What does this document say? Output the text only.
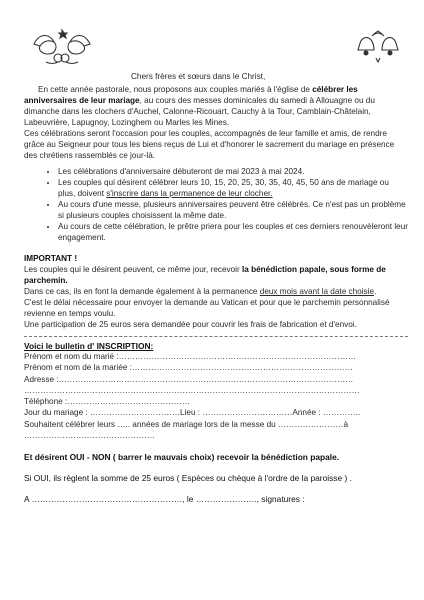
Chers frères et sœurs dans le Christ,

En cette année pastorale, nous proposons aux couples mariés à l'église de célébrer les anniversaires de leur mariage, au cours des messes dominicales du samedi à Allouagne ou du dimanche dans les clochers d'Auchel, Calonne-Ricouart, Cauchy à la Tour, Camblain-Châtelain, Labeuvrière, Lapugnoy, Lozinghem ou Marles les Mines.

Ces célébrations seront l'occasion pour les couples, accompagnés de leur famille et amis, de rendre grâce au Seigneur pour tous les biens reçus de Lui et d'honorer le sacrement du mariage en présence des chrétiens rassemblés ce jour-là.

• Les célébrations d'anniversaire débuteront de mai 2023 à mai 2024.
• Les couples qui désirent célébrer leurs 10, 15, 20, 25, 30, 35, 40, 45, 50 ans de mariage ou plus, doivent s'inscrire dans la permanence de leur clocher.
• Au cours d'une messe, plusieurs anniversaires peuvent être célébrés. Ce n'est pas un problème si plusieurs couples choisissent la même date.
• Au cours de cette célébration, le prêtre priera pour les couples et ces derniers renouvèleront leur engagement.

IMPORTANT !

Les couples qui le désirent peuvent, ce même jour, recevoir la bénédiction papale, sous forme de parchemin.

Dans ce cas, ils en font la demande également à la permanence deux mois avant la date choisie.

C'est le délai nécessaire pour envoyer la demande au Vatican et pour que le parchemin personnalisé revienne en temps voulu.

Une participation de 25 euros sera demandée pour couvrir les frais de fabrication et d'envoi.

Voici le bulletin d' INSCRIPTION:
Prénom et nom du marié :……………………………………………………………………………
Prénom et nom de la mariée :………………………………………………………………………
Adresse :………………………………………………………………………………………………
……………………………………………………………………………………………………………
Téléphone :………………………………………
Jour du mariage : ……………………………Lieu : ……………………………Année : …………..
Souhaitent célébrer leurs ….. années de mariage lors de la messe du ……………………à
…………………………………………
Et désirent OUI - NON ( barrer le mauvais choix) recevoir la bénédiction papale.
Si OUI, ils règlent la somme de 25 euros ( Espèces ou chèque à l'ordre de la paroisse ) .
A ………………………………………………, le …………………., signatures :
